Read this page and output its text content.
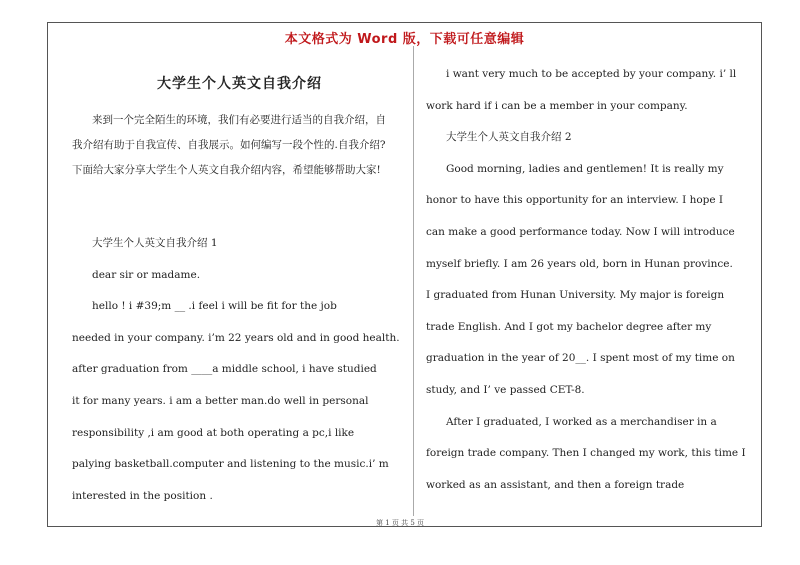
本文格式为 Word 版，下载可任意编辑
大学生个人英文自我介绍
来到一个完全陌生的环境，我们有必要进行适当的自我介绍，自
我介绍有助于自我宣传、自我展示。如何编写一段个性的.自我介绍?
下面给大家分享大学生个人英文自我介绍内容，希望能够帮助大家!
大学生个人英文自我介绍 1
dear sir or madame.
hello ! i #39;m __ .i feel i will be fit for the job
needed in your company. i’m 22 years old and in good health.
after graduation from ____a middle school, i have studied
it for many years. i am a better man.do well in personal
responsibility ,i am good at both operating a pc,i like
palying basketball.computer and listening to the music.i’ m
interested in the position .
i want very much to be accepted by your company. i’ ll
work hard if i can be a member in your company.
大学生个人英文自我介绍 2
Good morning, ladies and gentlemen! It is really my
honor to have this opportunity for an interview. I hope I
can make a good performance today. Now I will introduce
myself briefly. I am 26 years old, born in Hunan province.
I graduated from Hunan University. My major is foreign
trade English. And I got my bachelor degree after my
graduation in the year of 20__. I spent most of my time on
study, and I’ ve passed CET-8.
After I graduated, I worked as a merchandiser in a
foreign trade company. Then I changed my work, this time I
worked as an assistant, and then a foreign trade
第 1 页 共 5 页
